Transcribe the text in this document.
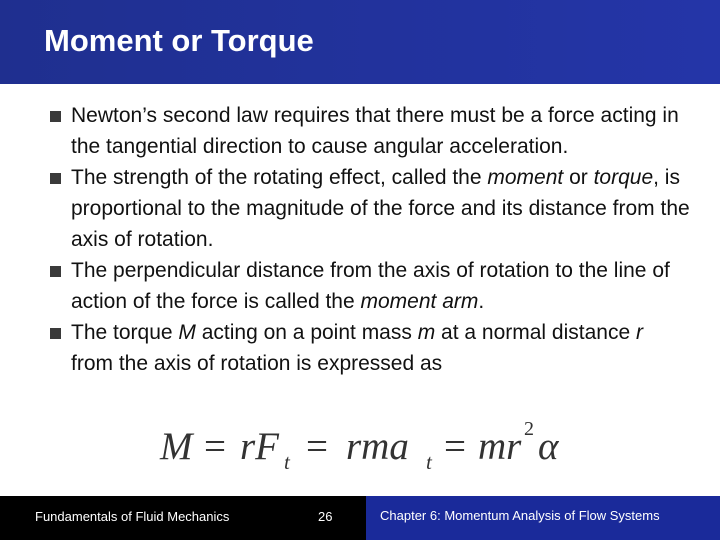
Moment or Torque
Newton’s second law requires that there must be a force acting in the tangential direction to cause angular acceleration.
The strength of the rotating effect, called the moment or torque, is proportional to the magnitude of the force and its distance from the axis of rotation.
The perpendicular distance from the axis of rotation to the line of action of the force is called the moment arm.
The torque M acting on a point mass m at a normal distance r from the axis of rotation is expressed as
M = rF t = rma t = mr 2 α
Fundamentals of Fluid Mechanics	26	Chapter 6: Momentum Analysis of Flow Systems
